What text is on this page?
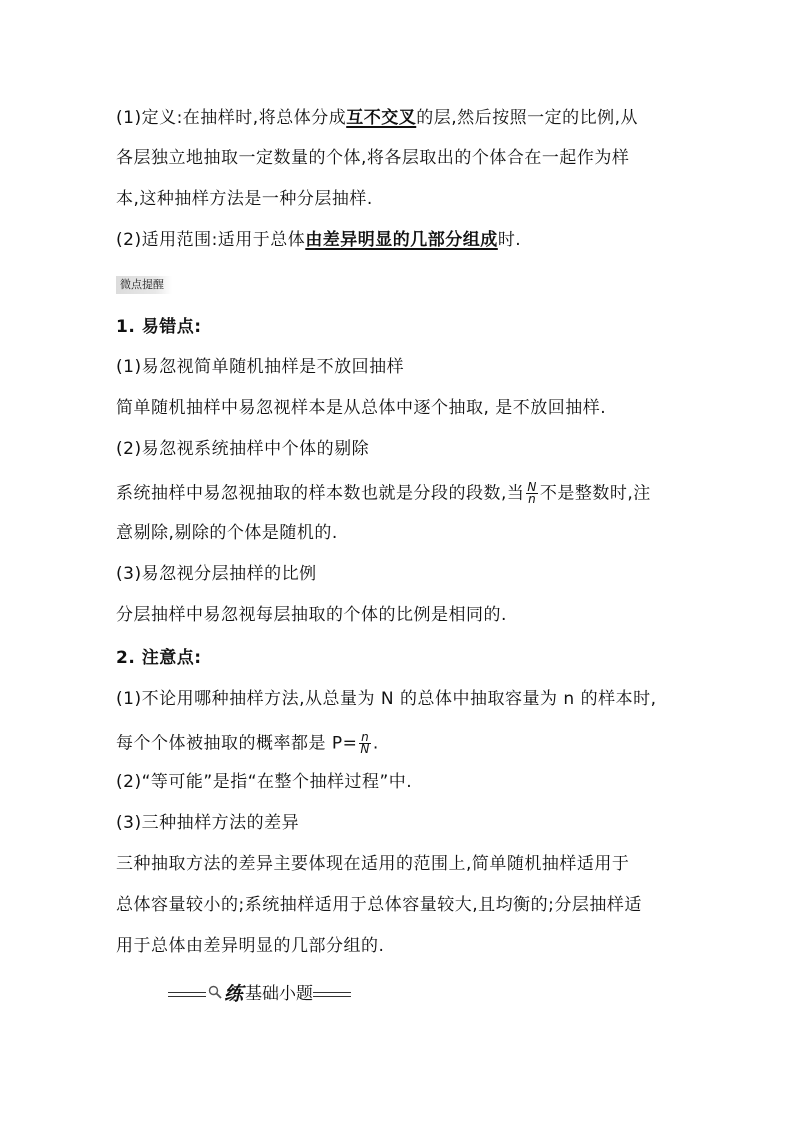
(1)定义:在抽样时,将总体分成互不交叉的层,然后按照一定的比例,从
各层独立地抽取一定数量的个体,将各层取出的个体合在一起作为样
本,这种抽样方法是一种分层抽样.
(2)适用范围:适用于总体由差异明显的几部分组成时.
微点提醒
1. 易错点:
(1)易忽视简单随机抽样是不放回抽样
简单随机抽样中易忽视样本是从总体中逐个抽取, 是不放回抽样.
(2)易忽视系统抽样中个体的剔除
系统抽样中易忽视抽取的样本数也就是分段的段数,当 $\frac{N}{n}$ 不是整数时,注
意剔除,剔除的个体是随机的.
(3)易忽视分层抽样的比例
分层抽样中易忽视每层抽取的个体的比例是相同的.
2. 注意点:
(1)不论用哪种抽样方法,从总量为 N 的总体中抽取容量为 n 的样本时,
每个个体被抽取的概率都是 $P= \frac{n}{N}$ .
(2)“等可能”是指“在整个抽样过程”中.
(3)三种抽样方法的差异
三种抽取方法的差异主要体现在适用的范围上,简单随机抽样适用于
总体容量较小的;系统抽样适用于总体容量较大,且均衡的;分层抽样适
用于总体由差异明显的几部分组的.
练 基础小题
